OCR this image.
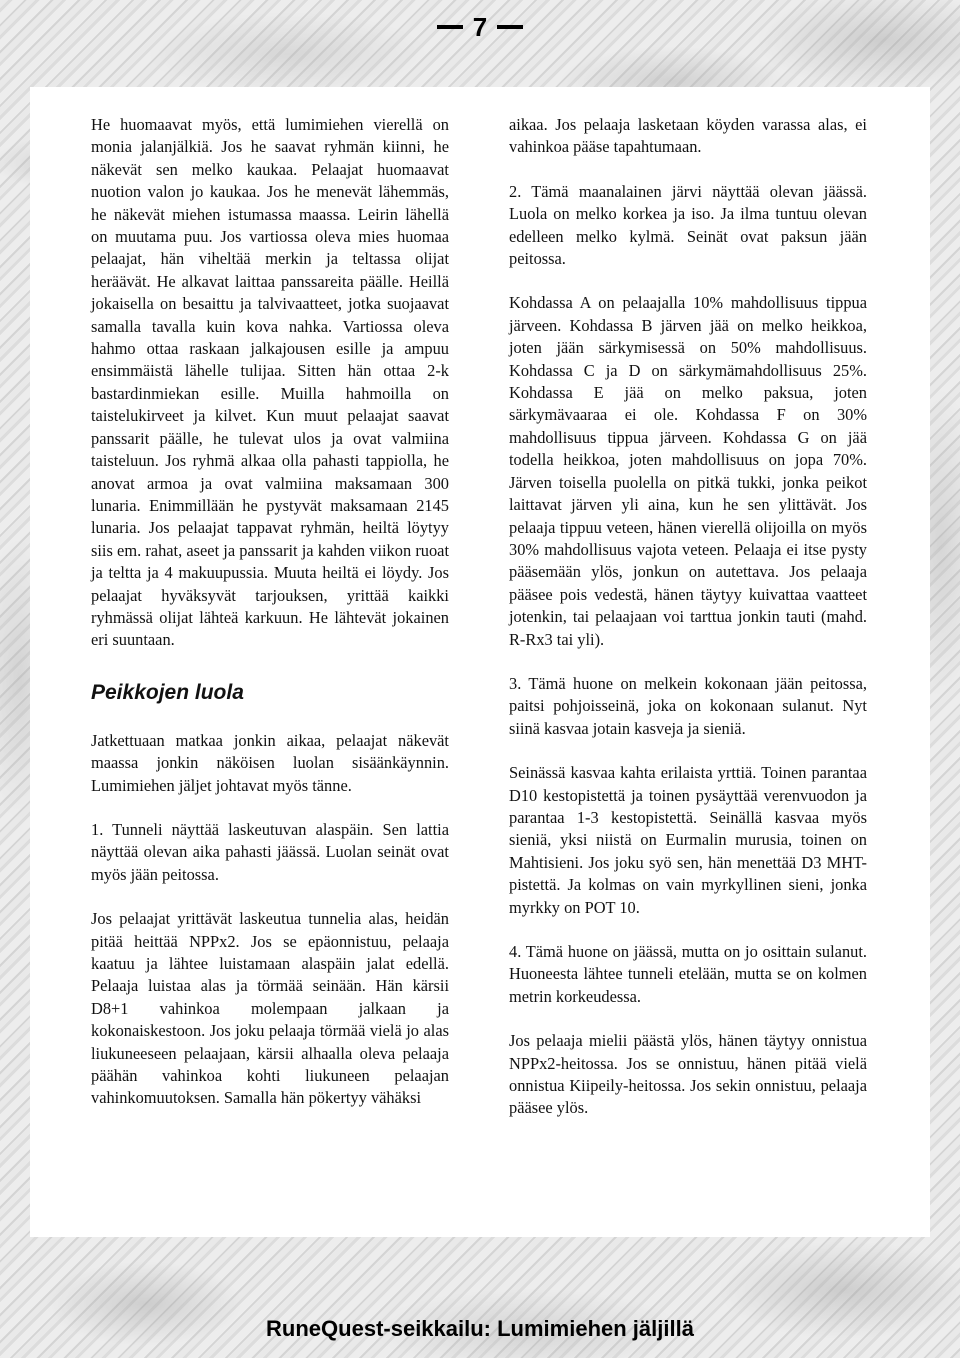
7

He huomaavat myös, että lumimiehen vierellä on monia jalanjälkiä. Jos he saavat ryhmän kiinni, he näkevät sen melko kaukaa. Pelaajat huomaavat nuotion valon jo kaukaa. Jos he menevät lähemmäs, he näkevät miehen istumassa maassa. Leirin lähellä on muutama puu. Jos vartiossa oleva mies huomaa pelaajat, hän viheltää merkin ja teltassa olijat heräävät. He alkavat laittaa panssareita päälle. Heillä jokaisella on besaittu ja talvivaatteet, jotka suojaavat samalla tavalla kuin kova nahka. Vartiossa oleva hahmo ottaa raskaan jalkajousen esille ja ampuu ensimmäistä lähelle tulijaa. Sitten hän ottaa 2-k bastardinmiekan esille. Muilla hahmoilla on taistelukirveet ja kilvet. Kun muut pelaajat saavat panssarit päälle, he tulevat ulos ja ovat valmiina taisteluun. Jos ryhmä alkaa olla pahasti tappiolla, he anovat armoa ja ovat valmiina maksamaan 300 lunaria. Enimmillään he pystyvät maksamaan 2145 lunaria. Jos pelaajat tappavat ryhmän, heiltä löytyy siis em. rahat, aseet ja panssarit ja kahden viikon ruoat ja teltta ja 4 makuupussia. Muuta heiltä ei löydy. Jos pelaajat hyväksyvät tarjouksen, yrittää kaikki ryhmässä olijat lähteä karkuun. He lähtevät jokainen eri suuntaan.

Peikkojen luola

Jatkettuaan matkaa jonkin aikaa, pelaajat näkevät maassa jonkin näköisen luolan sisäänkäynnin. Lumimiehen jäljet johtavat myös tänne.

1. Tunneli näyttää laskeutuvan alaspäin. Sen lattia näyttää olevan aika pahasti jäässä. Luolan seinät ovat myös jään peitossa.

Jos pelaajat yrittävät laskeutua tunnelia alas, heidän pitää heittää NPPx2. Jos se epäonnistuu, pelaaja kaatuu ja lähtee luistamaan alaspäin jalat edellä. Pelaaja luistaa alas ja törmää seinään. Hän kärsii D8+1 vahinkoa molempaan jalkaan ja kokonaiskestoon. Jos joku pelaaja törmää vielä jo alas liukuneeseen pelaajaan, kärsii alhaalla oleva pelaaja päähän vahinkoa kohti liukuneen pelaajan vahinkomuutoksen. Samalla hän pökertyy vähäksi

aikaa. Jos pelaaja lasketaan köyden varassa alas, ei vahinkoa pääse tapahtumaan.

2. Tämä maanalainen järvi näyttää olevan jäässä. Luola on melko korkea ja iso. Ja ilma tuntuu olevan edelleen melko kylmä. Seinät ovat paksun jään peitossa.

Kohdassa A on pelaajalla 10% mahdollisuus tippua järveen. Kohdassa B järven jää on melko heikkoa, joten jään särkymisessä on 50% mahdollisuus. Kohdassa C ja D on särkymämahdollisuus 25%. Kohdassa E jää on melko paksua, joten särkymävaaraa ei ole. Kohdassa F on 30% mahdollisuus tippua järveen. Kohdassa G on jää todella heikkoa, joten mahdollisuus on jopa 70%. Järven toisella puolella on pitkä tukki, jonka peikot laittavat järven yli aina, kun he sen ylittävät. Jos pelaaja tippuu veteen, hänen vierellä olijoilla on myös 30% mahdollisuus vajota veteen. Pelaaja ei itse pysty pääsemään ylös, jonkun on autettava. Jos pelaaja pääsee pois vedestä, hänen täytyy kuivattaa vaatteet jotenkin, tai pelaajaan voi tarttua jonkin tauti (mahd. R-Rx3 tai yli).

3. Tämä huone on melkein kokonaan jään peitossa, paitsi pohjoisseinä, joka on kokonaan sulanut. Nyt siinä kasvaa jotain kasveja ja sieniä.

Seinässä kasvaa kahta erilaista yrttiä. Toinen parantaa D10 kestopistettä ja toinen pysäyttää verenvuodon ja parantaa 1-3 kestopistettä. Seinällä kasvaa myös sieniä, yksi niistä on Eurmalin murusia, toinen on Mahtisieni. Jos joku syö sen, hän menettää D3 MHT-pistettä. Ja kolmas on vain myrkyllinen sieni, jonka myrkky on POT 10.

4. Tämä huone on jäässä, mutta on jo osittain sulanut. Huoneesta lähtee tunneli etelään, mutta se on kolmen metrin korkeudessa.

Jos pelaaja mielii päästä ylös, hänen täytyy onnistua NPPx2-heitossa. Jos se onnistuu, hänen pitää vielä onnistua Kiipeily-heitossa. Jos sekin onnistuu, pelaaja pääsee ylös.

RuneQuest-seikkailu: Lumimiehen jäljillä
